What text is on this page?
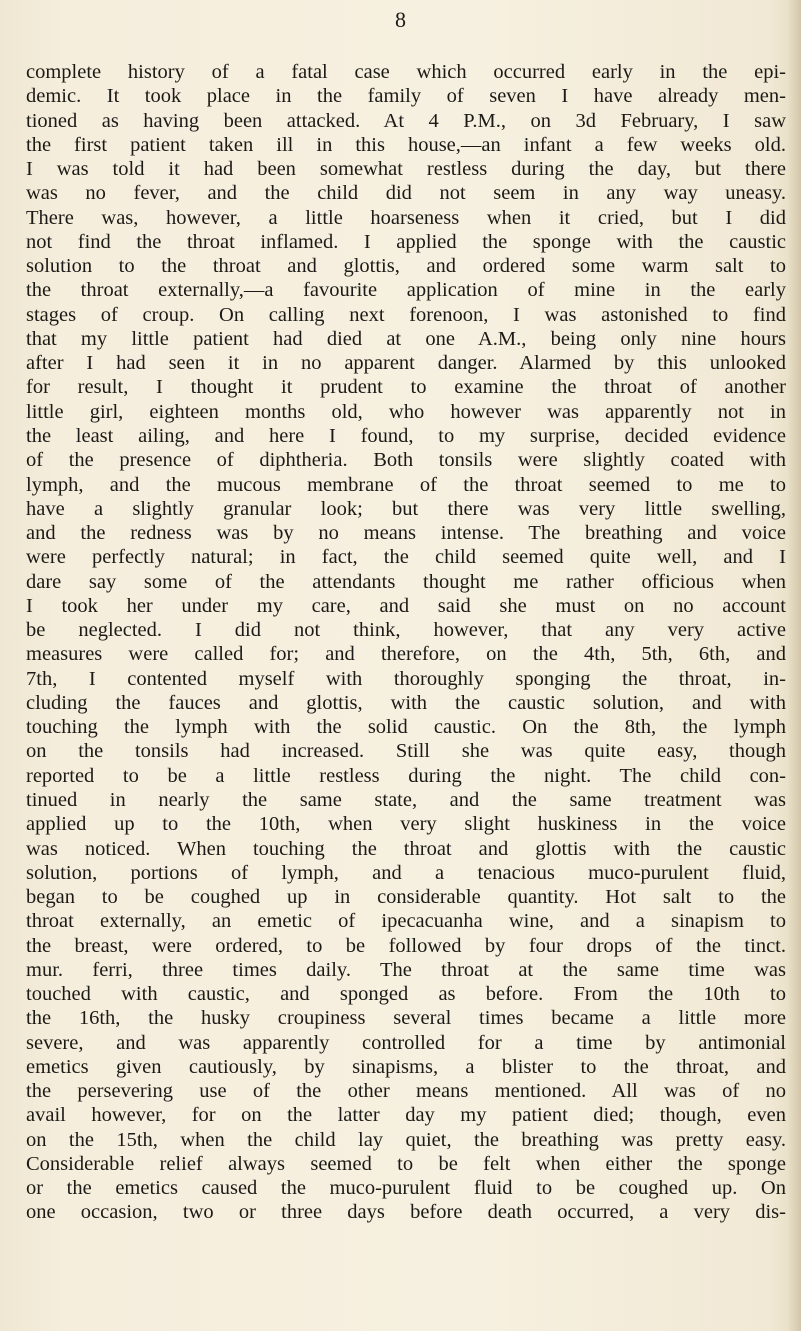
8
complete history of a fatal case which occurred early in the epi-
demic. It took place in the family of seven I have already men-
tioned as having been attacked. At 4 P.M., on 3d February, I saw
the first patient taken ill in this house,—an infant a few weeks old.
I was told it had been somewhat restless during the day, but there
was no fever, and the child did not seem in any way uneasy.
There was, however, a little hoarseness when it cried, but I did
not find the throat inflamed. I applied the sponge with the caustic
solution to the throat and glottis, and ordered some warm salt to
the throat externally,—a favourite application of mine in the early
stages of croup. On calling next forenoon, I was astonished to find
that my little patient had died at one A.M., being only nine hours
after I had seen it in no apparent danger. Alarmed by this unlooked
for result, I thought it prudent to examine the throat of another
little girl, eighteen months old, who however was apparently not in
the least ailing, and here I found, to my surprise, decided evidence
of the presence of diphtheria. Both tonsils were slightly coated with
lymph, and the mucous membrane of the throat seemed to me to
have a slightly granular look; but there was very little swelling,
and the redness was by no means intense. The breathing and voice
were perfectly natural; in fact, the child seemed quite well, and I
dare say some of the attendants thought me rather officious when
I took her under my care, and said she must on no account
be neglected. I did not think, however, that any very active
measures were called for; and therefore, on the 4th, 5th, 6th, and
7th, I contented myself with thoroughly sponging the throat, in-
cluding the fauces and glottis, with the caustic solution, and with
touching the lymph with the solid caustic. On the 8th, the lymph
on the tonsils had increased. Still she was quite easy, though
reported to be a little restless during the night. The child con-
tinued in nearly the same state, and the same treatment was
applied up to the 10th, when very slight huskiness in the voice
was noticed. When touching the throat and glottis with the caustic
solution, portions of lymph, and a tenacious muco-purulent fluid,
began to be coughed up in considerable quantity. Hot salt to the
throat externally, an emetic of ipecacuanha wine, and a sinapism to
the breast, were ordered, to be followed by four drops of the tinct.
mur. ferri, three times daily. The throat at the same time was
touched with caustic, and sponged as before. From the 10th to
the 16th, the husky croupiness several times became a little more
severe, and was apparently controlled for a time by antimonial
emetics given cautiously, by sinapisms, a blister to the throat, and
the persevering use of the other means mentioned. All was of no
avail however, for on the latter day my patient died; though, even
on the 15th, when the child lay quiet, the breathing was pretty easy.
Considerable relief always seemed to be felt when either the sponge
or the emetics caused the muco-purulent fluid to be coughed up. On
one occasion, two or three days before death occurred, a very dis-
